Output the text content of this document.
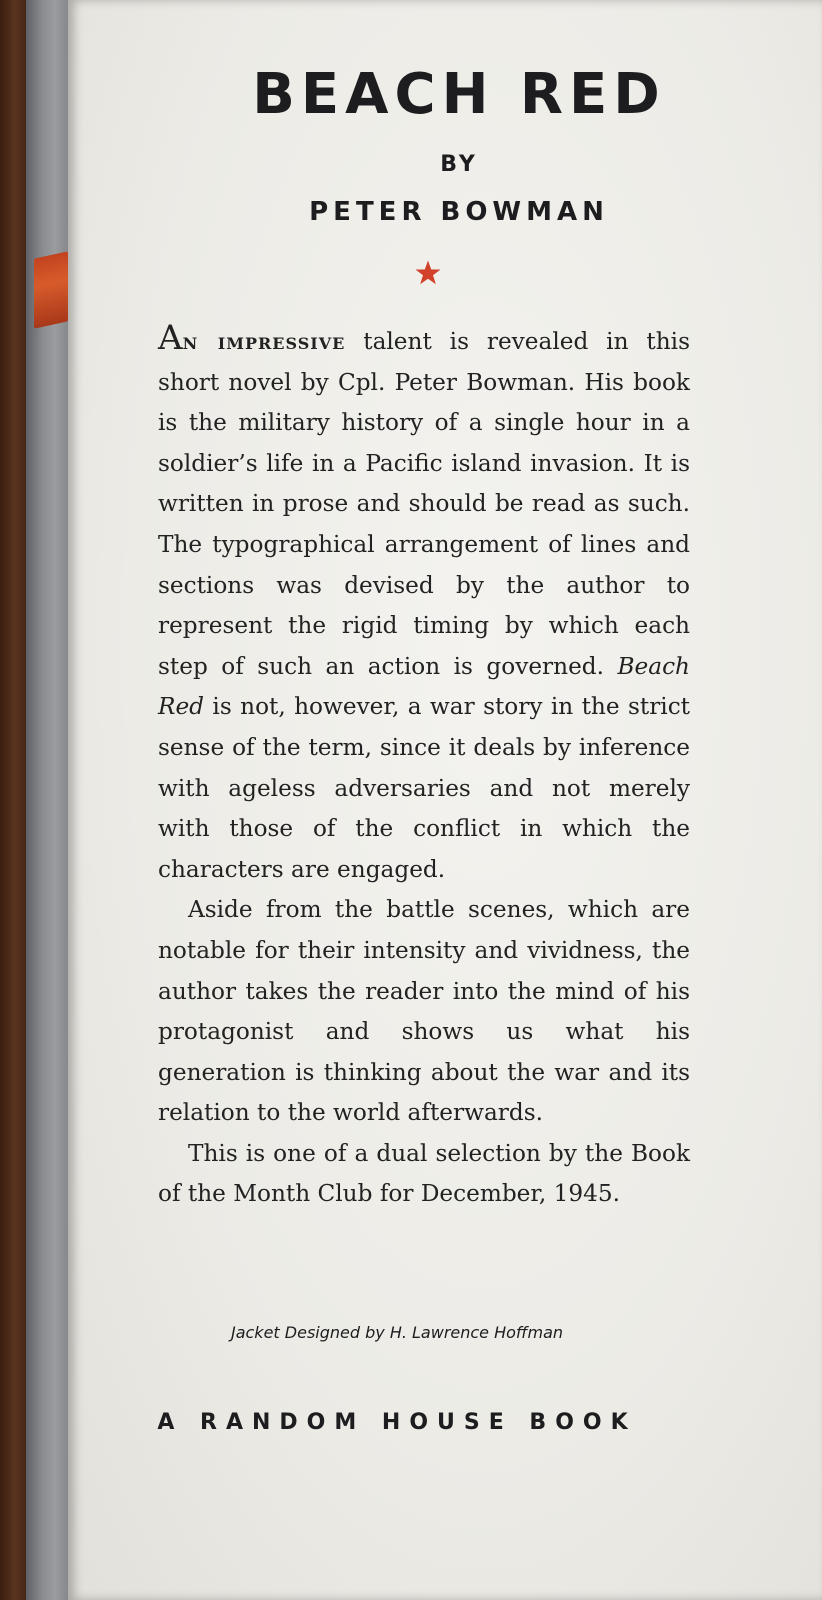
BEACH RED
BY
PETER BOWMAN

An impressive talent is revealed in this short novel by Cpl. Peter Bowman. His book is the military history of a single hour in a soldier’s life in a Pacific island invasion. It is written in prose and should be read as such. The typographical arrangement of lines and sections was devised by the author to represent the rigid timing by which each step of such an action is governed. Beach Red is not, however, a war story in the strict sense of the term, since it deals by inference with ageless adversaries and not merely with those of the conflict in which the characters are engaged.

Aside from the battle scenes, which are notable for their intensity and vividness, the author takes the reader into the mind of his protagonist and shows us what his generation is thinking about the war and its relation to the world afterwards.

This is one of a dual selection by the Book of the Month Club for December, 1945.

Jacket Designed by H. Lawrence Hoffman
A RANDOM HOUSE BOOK
